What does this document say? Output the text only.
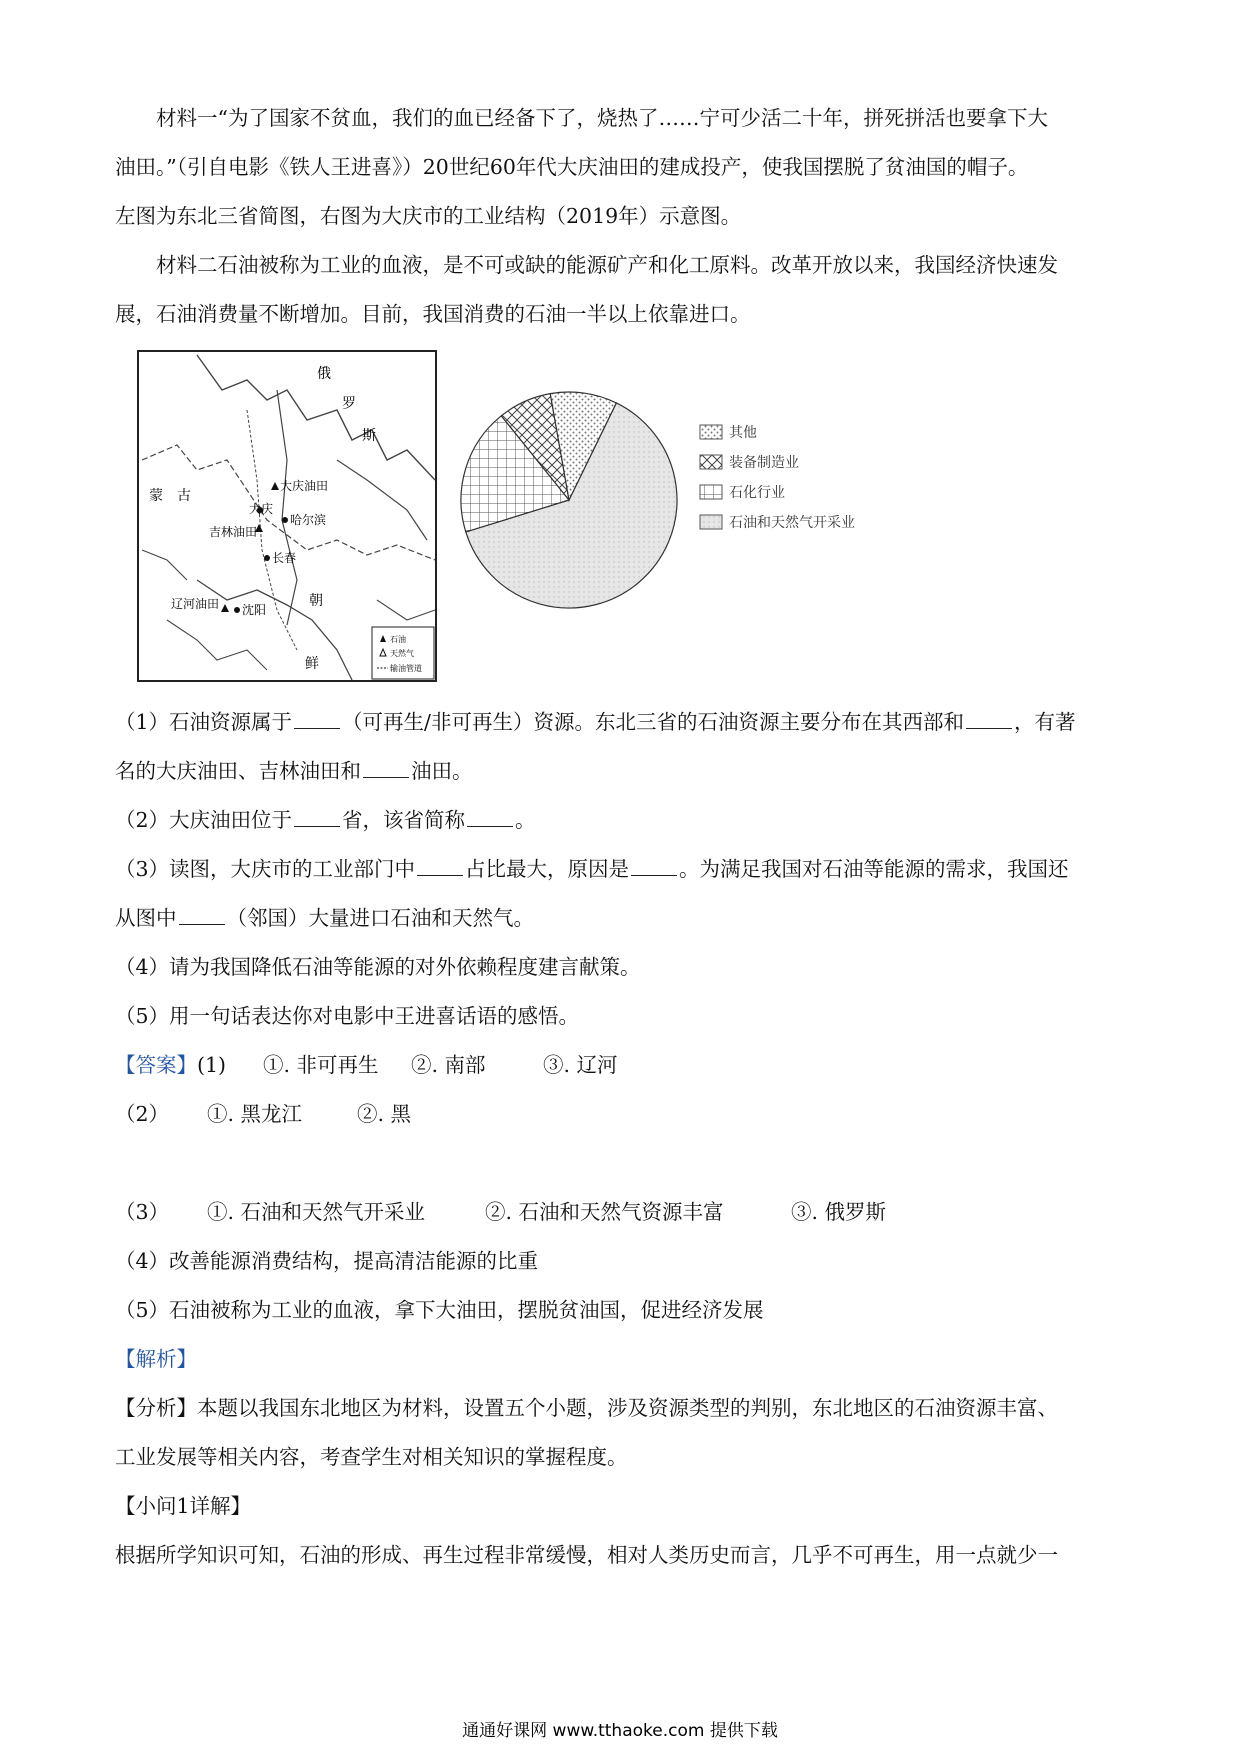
材料一“为了国家不贫血，我们的血已经备下了，烧热了……宁可少活二十年，拼死拼活也要拿下大

油田。”（引自电影《铁人王进喜》）20世纪60年代大庆油田的建成投产，使我国摆脱了贫油国的帽子。

左图为东北三省简图，右图为大庆市的工业结构（2019年）示意图。

材料二石油被称为工业的血液，是不可或缺的能源矿产和化工原料。改革开放以来，我国经济快速发

展，石油消费量不断增加。目前，我国消费的石油一半以上依靠进口。

俄
罗
斯
蒙 古
大庆油田
大庆
哈尔滨
吉林油田
长春
辽河油田 沈阳
朝
鲜
石油
天然气
输油管道
其他
装备制造业
石化行业
石油和天然气开采业

（1）石油资源属于 （可再生/非可再生）资源。东北三省的石油资源主要分布在其西部和 ，有著

名的大庆油田、吉林油田和 油田。

（2）大庆油田位于 省，该省简称 。

（3）读图，大庆市的工业部门中 占比最大，原因是 。为满足我国对石油等能源的需求，我国还

从图中 （邻国）大量进口石油和天然气。

（4）请为我国降低石油等能源的对外依赖程度建言献策。

（5）用一句话表达你对电影中王进喜话语的感悟。

【答案】(1) ①. 非可再生 ②. 南部	③. 辽河

（2） ①. 黑龙江	②. 黑

（3） ①. 石油和天然气开采业	②. 石油和天然气资源丰富	③. 俄罗斯

（4）改善能源消费结构，提高清洁能源的比重

（5）石油被称为工业的血液，拿下大油田，摆脱贫油国，促进经济发展

【解析】

【分析】本题以我国东北地区为材料，设置五个小题，涉及资源类型的判别，东北地区的石油资源丰富、

工业发展等相关内容，考查学生对相关知识的掌握程度。

【小问1详解】

根据所学知识可知，石油的形成、再生过程非常缓慢，相对人类历史而言，几乎不可再生，用一点就少一

通通好课网 www.tthaoke.com 提供下载
